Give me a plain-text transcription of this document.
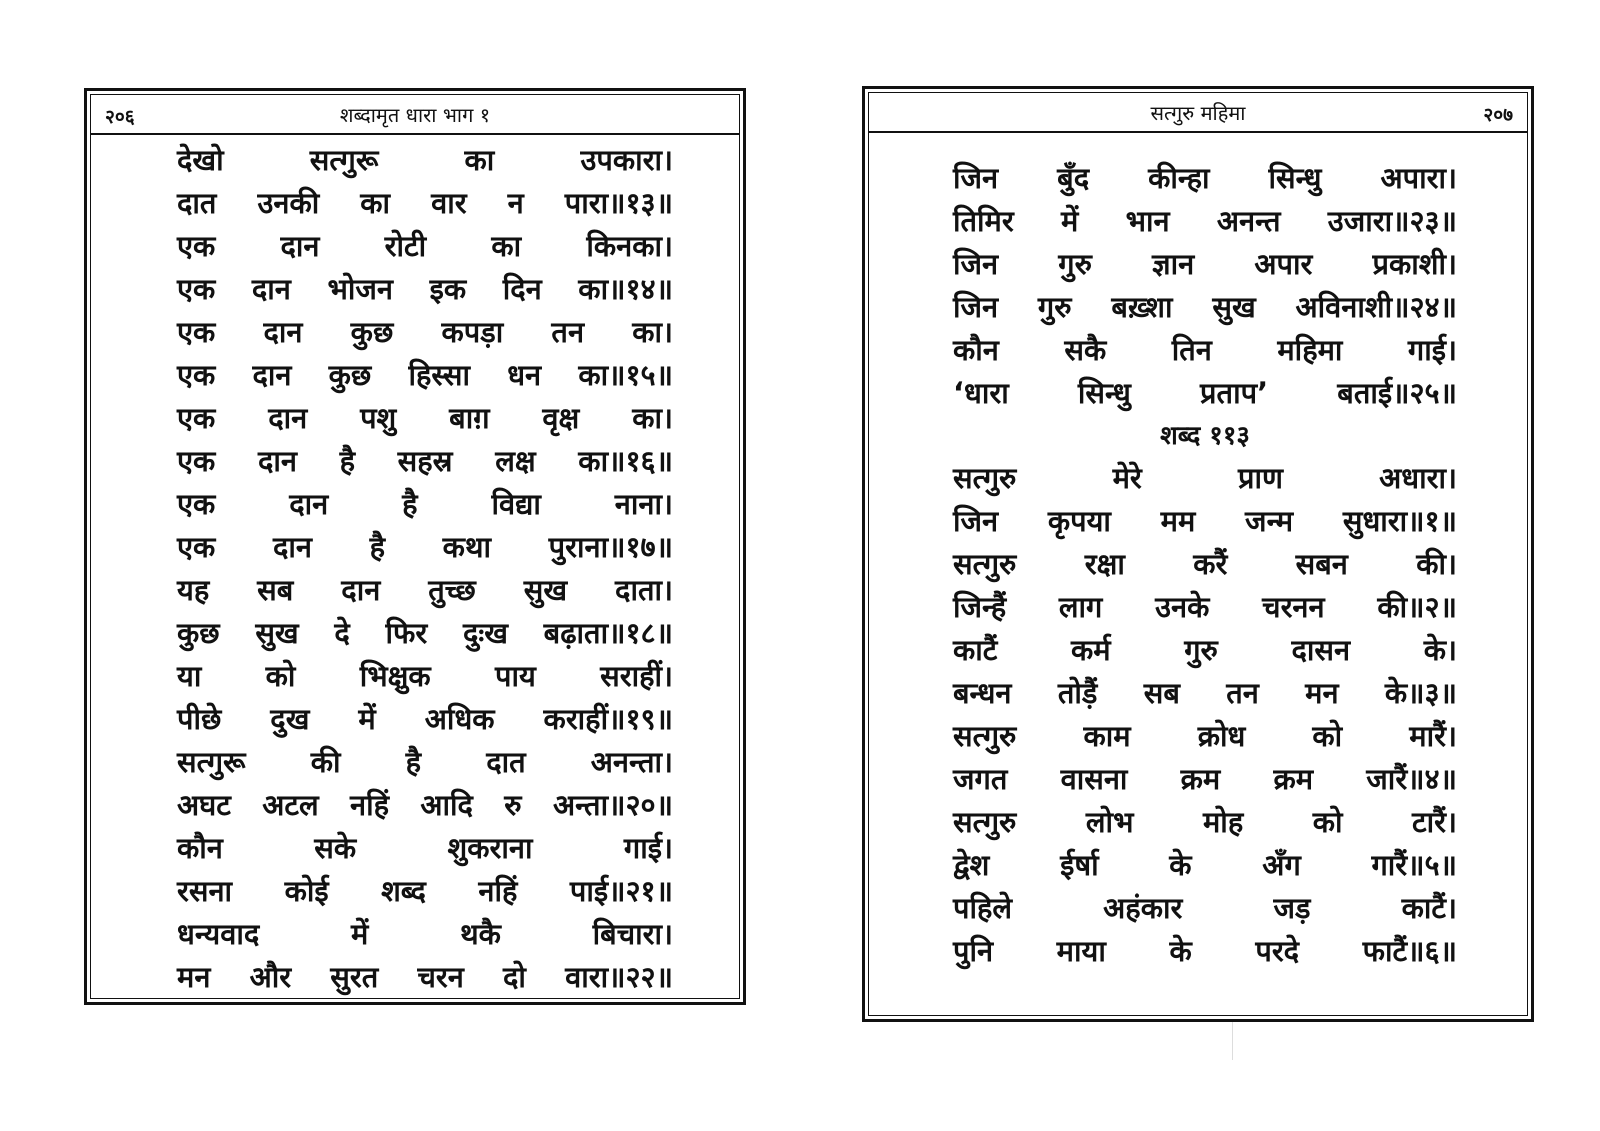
२०६	शब्दामृत धारा भाग १
देखो सत्गुरू का उपकारा।
दात उनकी का वार न पारा॥१३॥
एक दान रोटी का किनका।
एक दान भोजन इक दिन का॥१४॥
एक दान कुछ कपड़ा तन का।
एक दान कुछ हिस्सा धन का॥१५॥
एक दान पशु बाग़ वृक्ष का।
एक दान है सहस्र लक्ष का॥१६॥
एक दान है विद्या नाना।
एक दान है कथा पुराना॥१७॥
यह सब दान तुच्छ सुख दाता।
कुछ सुख दे फिर दुःख बढ़ाता॥१८॥
या को भिक्षुक पाय सराहीं।
पीछे दुख में अधिक कराहीं॥१९॥
सत्गुरू की है दात अनन्ता।
अघट अटल नहिं आदि रु अन्ता॥२०॥
कौन सके शुकराना गाई।
रसना कोई शब्द नहिं पाई॥२१॥
धन्यवाद में थकै बिचारा।
मन और सुरत चरन दो वारा॥२२॥
सत्गुरु महिमा	२०७
जिन बुँद कीन्हा सिन्धु अपारा।
तिमिर में भान अनन्त उजारा॥२३॥
जिन गुरु ज्ञान अपार प्रकाशी।
जिन गुरु बख़्शा सुख अविनाशी॥२४॥
कौन सकै तिन महिमा गाई।
‘धारा सिन्धु प्रताप’ बताई॥२५॥
शब्द ११३
सत्गुरु मेरे प्राण अधारा।
जिन कृपया मम जन्म सुधारा॥१॥
सत्गुरु रक्षा करैं सबन की।
जिन्हैं लाग उनके चरनन की॥२॥
काटैं कर्म गुरु दासन के।
बन्धन तोड़ैं सब तन मन के॥३॥
सत्गुरु काम क्रोध को मारैं।
जगत वासना क्रम क्रम जारैं॥४॥
सत्गुरु लोभ मोह को टारैं।
द्वेश ईर्षा के अँग गारैं॥५॥
पहिले अहंकार जड़ काटैं।
पुनि माया के परदे फाटैं॥६॥
